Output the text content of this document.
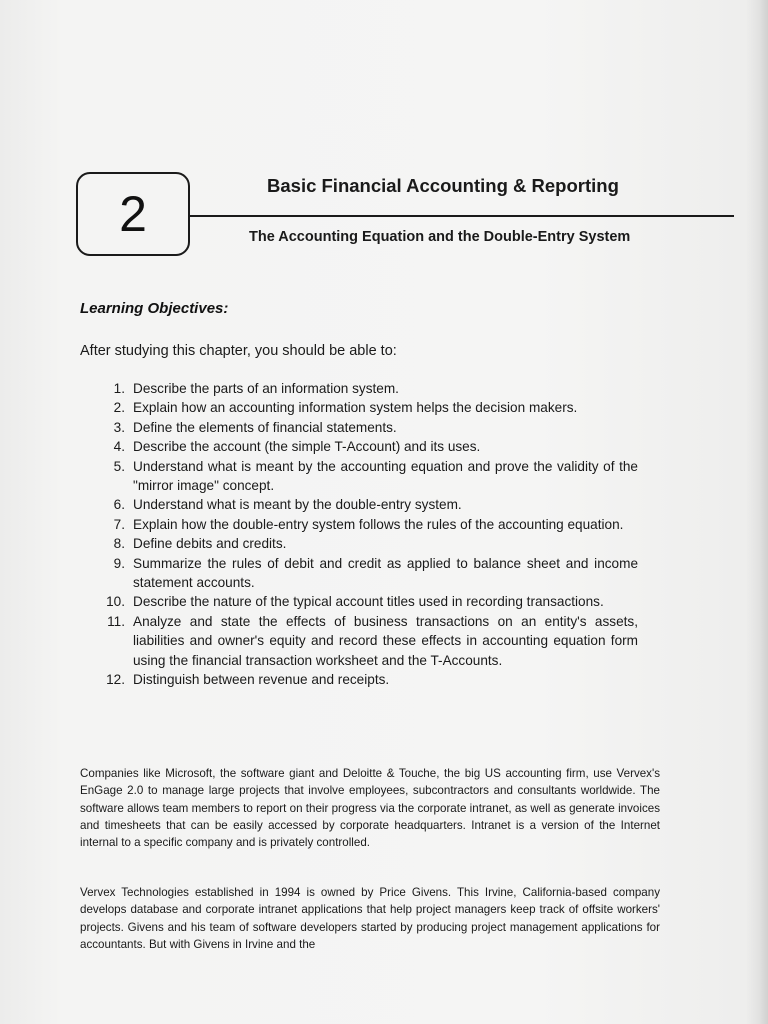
2
Basic Financial Accounting & Reporting
The Accounting Equation and the Double-Entry System
Learning Objectives:

After studying this chapter, you should be able to:

1. Describe the parts of an information system.
2. Explain how an accounting information system helps the decision makers.
3. Define the elements of financial statements.
4. Describe the account (the simple T-Account) and its uses.
5. Understand what is meant by the accounting equation and prove the validity of the "mirror image" concept.
6. Understand what is meant by the double-entry system.
7. Explain how the double-entry system follows the rules of the accounting equation.
8. Define debits and credits.
9. Summarize the rules of debit and credit as applied to balance sheet and income statement accounts.
10. Describe the nature of the typical account titles used in recording transactions.
11. Analyze and state the effects of business transactions on an entity's assets, liabilities and owner's equity and record these effects in accounting equation form using the financial transaction worksheet and the T-Accounts.
12. Distinguish between revenue and receipts.

Companies like Microsoft, the software giant and Deloitte & Touche, the big US accounting firm, use Vervex's EnGage 2.0 to manage large projects that involve employees, subcontractors and consultants worldwide. The software allows team members to report on their progress via the corporate intranet, as well as generate invoices and timesheets that can be easily accessed by corporate headquarters. Intranet is a version of the Internet internal to a specific company and is privately controlled.

Vervex Technologies established in 1994 is owned by Price Givens. This Irvine, California-based company develops database and corporate intranet applications that help project managers keep track of offsite workers' projects. Givens and his team of software developers started by producing project management applications for accountants. But with Givens in Irvine and the
